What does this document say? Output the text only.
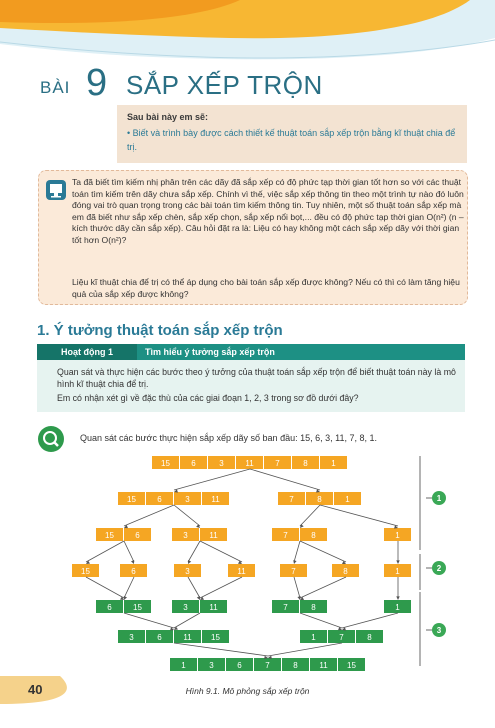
BÀI 9 SẮP XẾP TRỘN
Sau bài này em sẽ:
• Biết và trình bày được cách thiết kế thuật toán sắp xếp trộn bằng kĩ thuật chia để trị.
Ta đã biết tìm kiếm nhị phân trên các dãy đã sắp xếp có độ phức tạp thời gian tốt hơn so với các thuật toán tìm kiếm trên dãy chưa sắp xếp. Chính vì thế, việc sắp xếp thông tin theo một trình tự nào đó luôn đóng vai trò quan trọng trong các bài toán tìm kiếm thông tin. Tuy nhiên, một số thuật toán sắp xếp mà em đã biết như sắp xếp chèn, sắp xếp chọn, sắp xếp nổi bọt,... đều có độ phức tạp thời gian O(n²) (n – kích thước dãy cần sắp xếp). Câu hỏi đặt ra là: Liệu có hay không một cách sắp xếp dãy với thời gian tốt hơn O(n²)?
Liệu kĩ thuật chia để trị có thể áp dụng cho bài toán sắp xếp được không? Nếu có thì có làm tăng hiệu quả của sắp xếp được không?
1. Ý tưởng thuật toán sắp xếp trộn
Hoạt động 1	Tìm hiểu ý tưởng sắp xếp trộn
Quan sát và thực hiện các bước theo ý tưởng của thuật toán sắp xếp trộn để biết thuật toán này là mô hình kĩ thuật chia để trị.
Em có nhận xét gì về đặc thù của các giai đoạn 1, 2, 3 trong sơ đồ dưới đây?
Quan sát các bước thực hiện sắp xếp dãy số ban đầu: 15, 6, 3, 11, 7, 8, 1.
15	6	3	11	7	8	1
15	6	3	11	7	8	1
15	6	3	11	7	8	1
15	6	3	11	7	8	1
6	15	3	11	7	8	1
3	6	11 15	1	7	8
1	3	6	7	8	11 15
1
2
3
Hình 9.1. Mô phỏng sắp xếp trộn
40
